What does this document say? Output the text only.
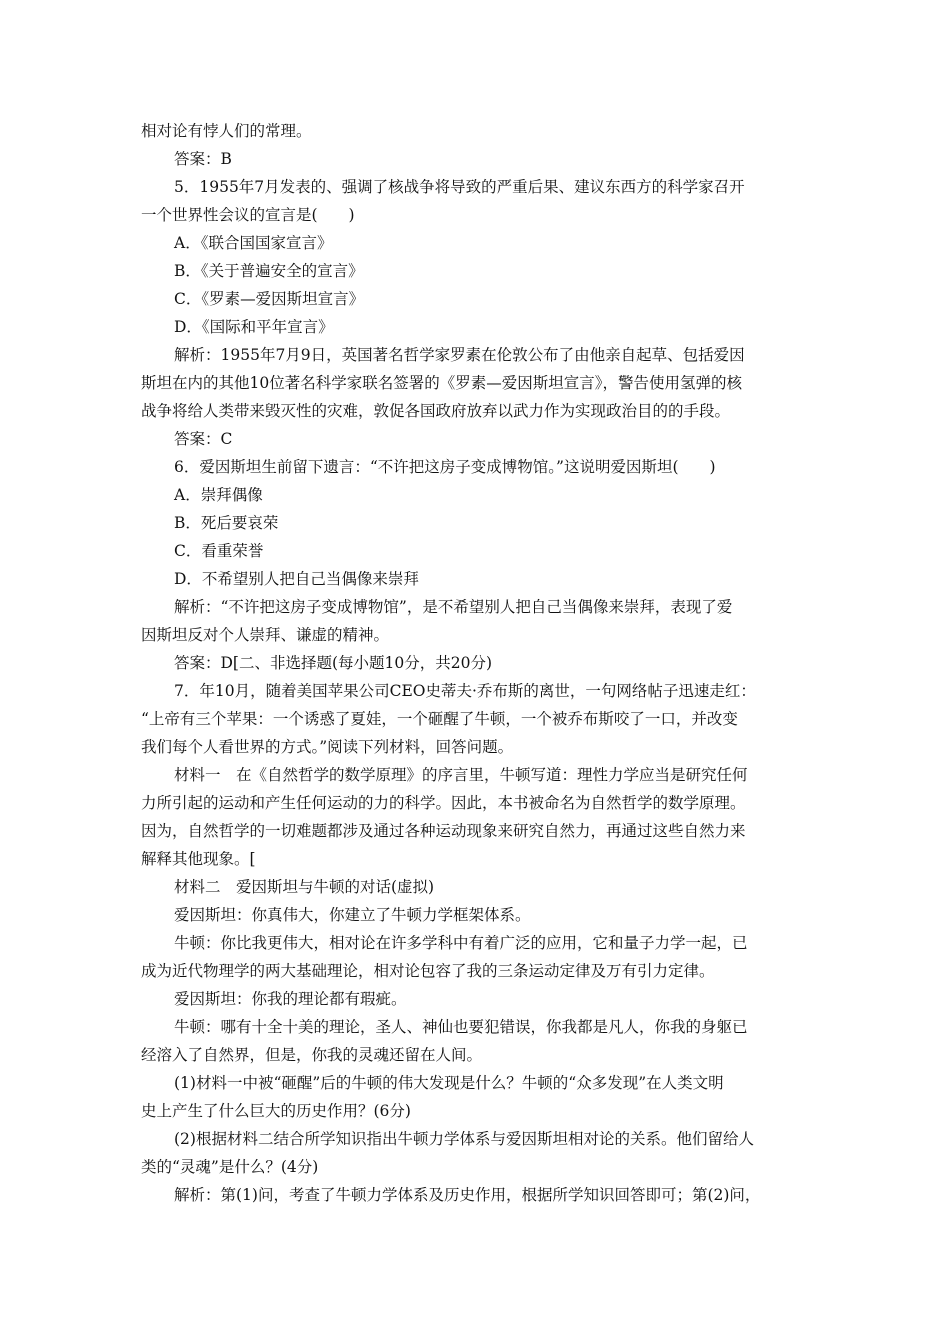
相对论有悖人们的常理。
答案：B
5．1955年7月发表的、强调了核战争将导致的严重后果、建议东西方的科学家召开
一个世界性会议的宣言是(　　)
A．《联合国国家宣言》
B．《关于普遍安全的宣言》
C．《罗素—爱因斯坦宣言》
D．《国际和平年宣言》
解析：1955年7月9日，英国著名哲学家罗素在伦敦公布了由他亲自起草、包括爱因
斯坦在内的其他10位著名科学家联名签署的《罗素—爱因斯坦宣言》，警告使用氢弹的核
战争将给人类带来毁灭性的灾难，敦促各国政府放弃以武力作为实现政治目的的手段。
答案：C
6．爱因斯坦生前留下遗言：“不许把这房子变成博物馆。”这说明爱因斯坦(　　)
A．崇拜偶像
B．死后要哀荣
C．看重荣誉
D．不希望别人把自己当偶像来崇拜
解析：“不许把这房子变成博物馆”，是不希望别人把自己当偶像来崇拜，表现了爱
因斯坦反对个人崇拜、谦虚的精神。
答案：D[二、非选择题(每小题10分，共20分)
7．年10月，随着美国苹果公司CEO史蒂夫·乔布斯的离世，一句网络帖子迅速走红：
“上帝有三个苹果：一个诱惑了夏娃，一个砸醒了牛顿，一个被乔布斯咬了一口，并改变
我们每个人看世界的方式。”阅读下列材料，回答问题。
材料一　在《自然哲学的数学原理》的序言里，牛顿写道：理性力学应当是研究任何
力所引起的运动和产生任何运动的力的科学。因此，本书被命名为自然哲学的数学原理。
因为，自然哲学的一切难题都涉及通过各种运动现象来研究自然力，再通过这些自然力来
解释其他现象。[
材料二　爱因斯坦与牛顿的对话(虚拟)
爱因斯坦：你真伟大，你建立了牛顿力学框架体系。
牛顿：你比我更伟大，相对论在许多学科中有着广泛的应用，它和量子力学一起，已
成为近代物理学的两大基础理论，相对论包容了我的三条运动定律及万有引力定律。
爱因斯坦：你我的理论都有瑕疵。
牛顿：哪有十全十美的理论，圣人、神仙也要犯错误，你我都是凡人，你我的身躯已
经溶入了自然界，但是，你我的灵魂还留在人间。
(1)材料一中被“砸醒”后的牛顿的伟大发现是什么？牛顿的“众多发现”在人类文明
史上产生了什么巨大的历史作用？(6分)
(2)根据材料二结合所学知识指出牛顿力学体系与爱因斯坦相对论的关系。他们留给人
类的“灵魂”是什么？(4分)
解析：第(1)问，考查了牛顿力学体系及历史作用，根据所学知识回答即可；第(2)问，
